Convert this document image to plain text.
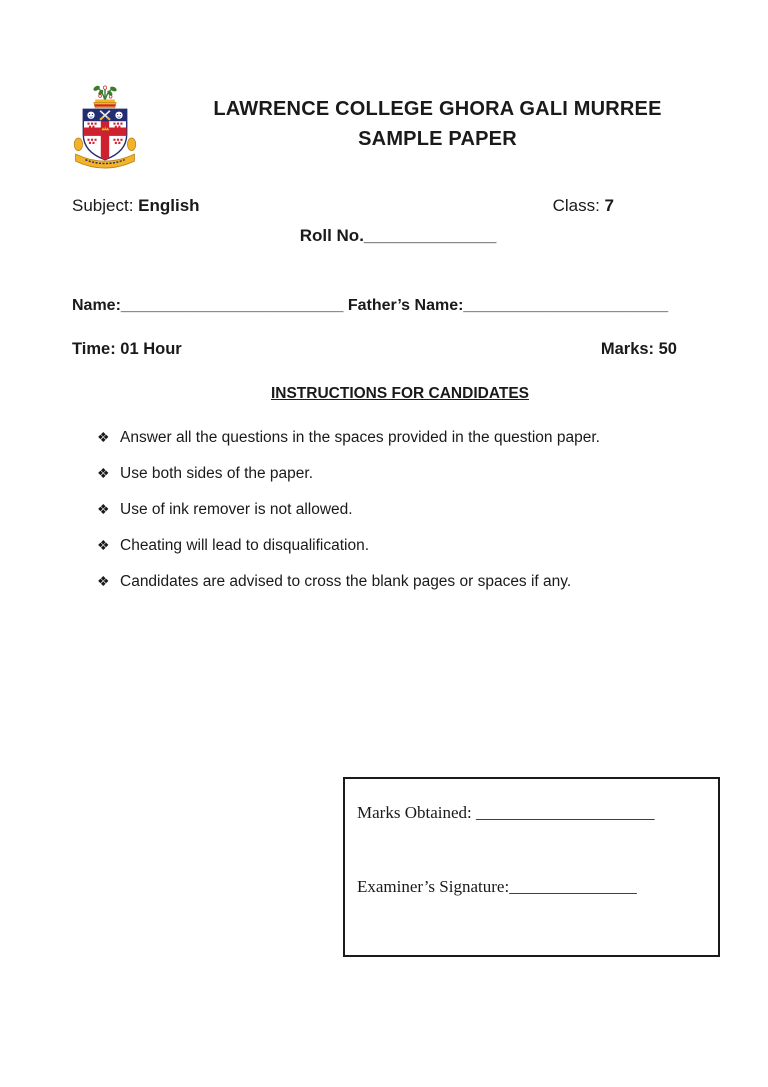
LAWRENCE COLLEGE GHORA GALI MURREE
SAMPLE PAPER
Subject: English	Class: 7
Roll No.______________
Name:_________________________ Father’s Name:_______________________
Time: 01 Hour	Marks: 50
INSTRUCTIONS FOR CANDIDATES
❖ Answer all the questions in the spaces provided in the question paper.
❖ Use both sides of the paper.
❖ Use of ink remover is not allowed.
❖ Cheating will lead to disqualification.
❖ Candidates are advised to cross the blank pages or spaces if any.
Marks Obtained: _____________________
Examiner’s Signature:_______________
